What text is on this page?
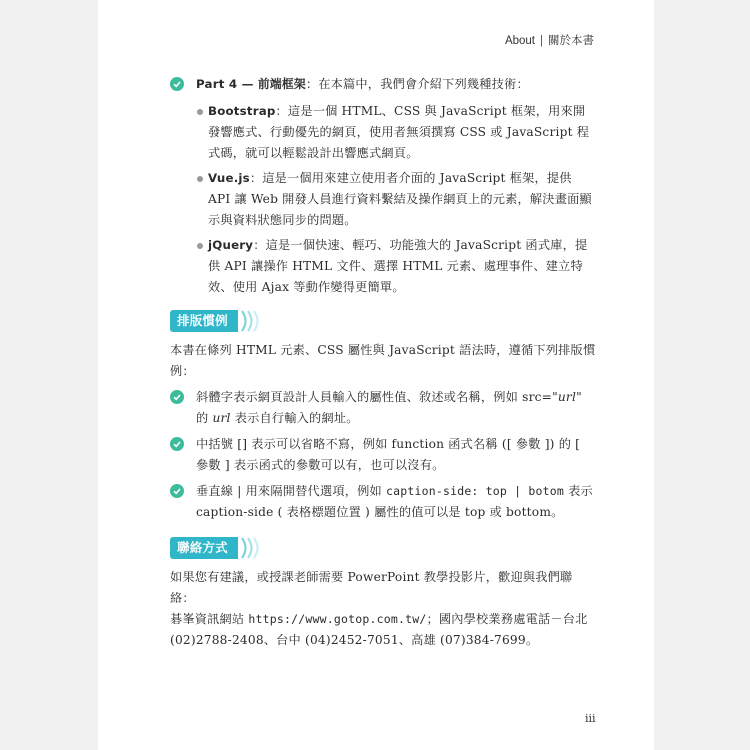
About | 關於本書
Part 4 — 前端框架：在本篇中，我們會介紹下列幾種技術：
Bootstrap：這是一個 HTML、CSS 與 JavaScript 框架，用來開發響應式、行動優先的網頁，使用者無須撰寫 CSS 或 JavaScript 程式碼，就可以輕鬆設計出響應式網頁。
Vue.js：這是一個用來建立使用者介面的 JavaScript 框架，提供 API 讓 Web 開發人員進行資料繫結及操作網頁上的元素，解決畫面顯示與資料狀態同步的問題。
jQuery：這是一個快速、輕巧、功能強大的 JavaScript 函式庫，提供 API 讓操作 HTML 文件、選擇 HTML 元素、處理事件、建立特效、使用 Ajax 等動作變得更簡單。
排版慣例
本書在條列 HTML 元素、CSS 屬性與 JavaScript 語法時，遵循下列排版慣例：
斜體字表示網頁設計人員輸入的屬性值、敘述或名稱，例如 src="url" 的 url 表示自行輸入的網址。
中括號 [] 表示可以省略不寫，例如 function 函式名稱 ([ 參數 ]) 的 [ 參數 ] 表示函式的參數可以有，也可以沒有。
垂直線 | 用來隔開替代選項，例如 caption-side: top | botom 表示 caption-side ( 表格標題位置 ) 屬性的值可以是 top 或 bottom。
聯絡方式
如果您有建議，或授課老師需要 PowerPoint 教學投影片，歡迎與我們聯絡：
碁峯資訊網站 https://www.gotop.com.tw/；國內學校業務處電話－台北
(02)2788-2408、台中 (04)2452-7051、高雄 (07)384-7699。
iii
